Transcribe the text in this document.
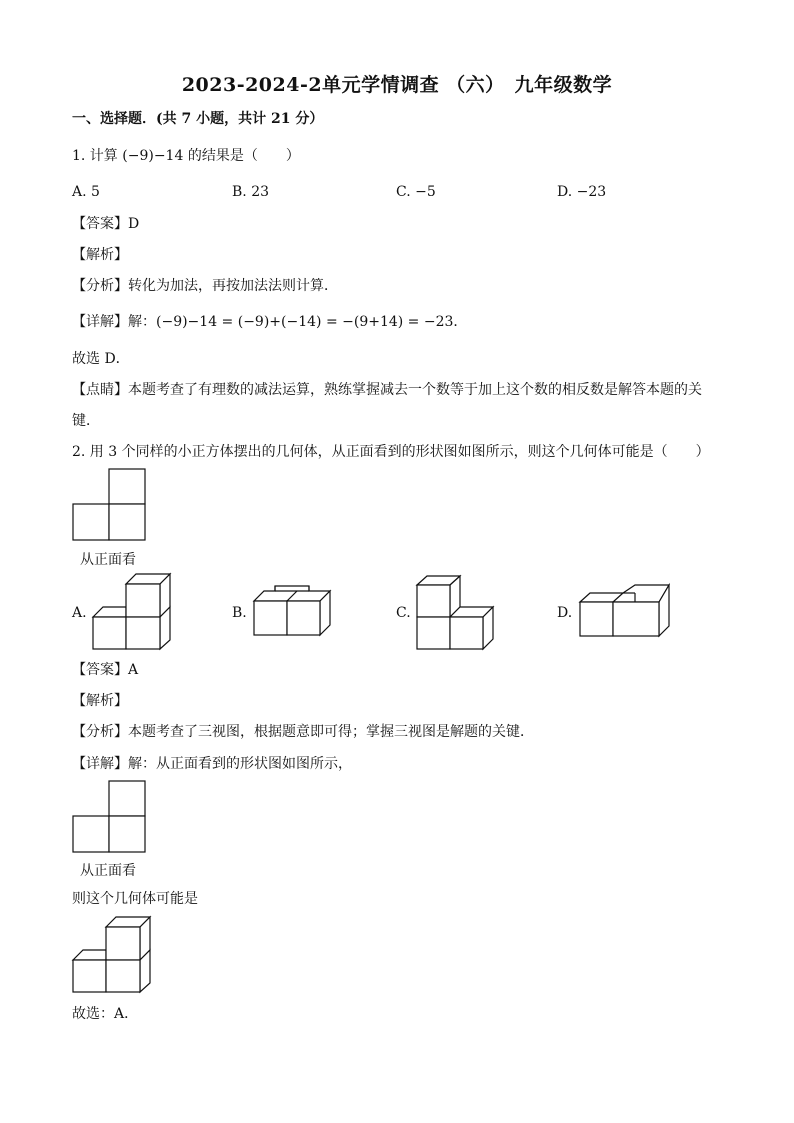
2023-2024-2单元学情调查 （六）　九年级数学
一、选择题．(共 7 小题，共计 21 分）
1. 计算 (−9)−14 的结果是（　　）
A. 5	B. 23	C. −5	D. −23
【答案】D
【解析】
【分析】转化为加法，再按加法法则计算．
【详解】解：(−9)−14 = (−9)+(−14) = −(9+14) = −23．
故选 D．
【点睛】本题考查了有理数的减法运算，熟练掌握减去一个数等于加上这个数的相反数是解答本题的关
键．
2. 用 3 个同样的小正方体摆出的几何体，从正面看到的形状图如图所示，则这个几何体可能是（　　）
从正面看
A.	B.	C.	D.
【答案】A
【解析】
【分析】本题考查了三视图，根据题意即可得；掌握三视图是解题的关键．
【详解】解：从正面看到的形状图如图所示，
从正面看
则这个几何体可能是
故选：A．
